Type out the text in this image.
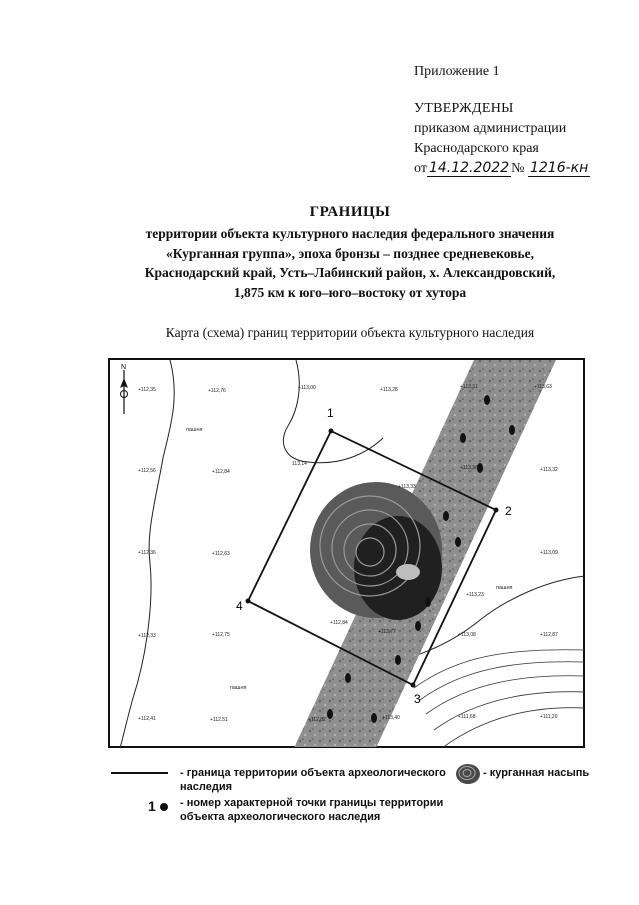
Приложение 1
УТВЕРЖДЕНЫ
приказом администрации
Краснодарского края
от 14.12.2022 № 1216-кн
ГРАНИЦЫ
территории объекта культурного наследия федерального значения
«Курганная группа», эпоха бронзы – позднее средневековье,
Краснодарский край, Усть–Лабинский район, х. Александровский,
1,875 км к юго–юго–востоку от хутора
Карта (схема) границ территории объекта культурного наследия
N
1
2
3
4
пашня
пашня
пашня
+112,35	+112,76	+113,00	+113,28	+113,31	+113,63
+112,56	+112,84
113,14
+113,33
+113,36	+113,32
+112,36	+112,63	+113,09
+113,23
+112,33	+112,75
+112,84
+113,77	+113,08	+112,87
+112,41	+112,51	+112,82	+113,40	+111,68	+111,20
- граница территории объекта археологического
наследия
1 - номер характерной точки границы территории
объекта археологического наследия
- курганная насыпь
